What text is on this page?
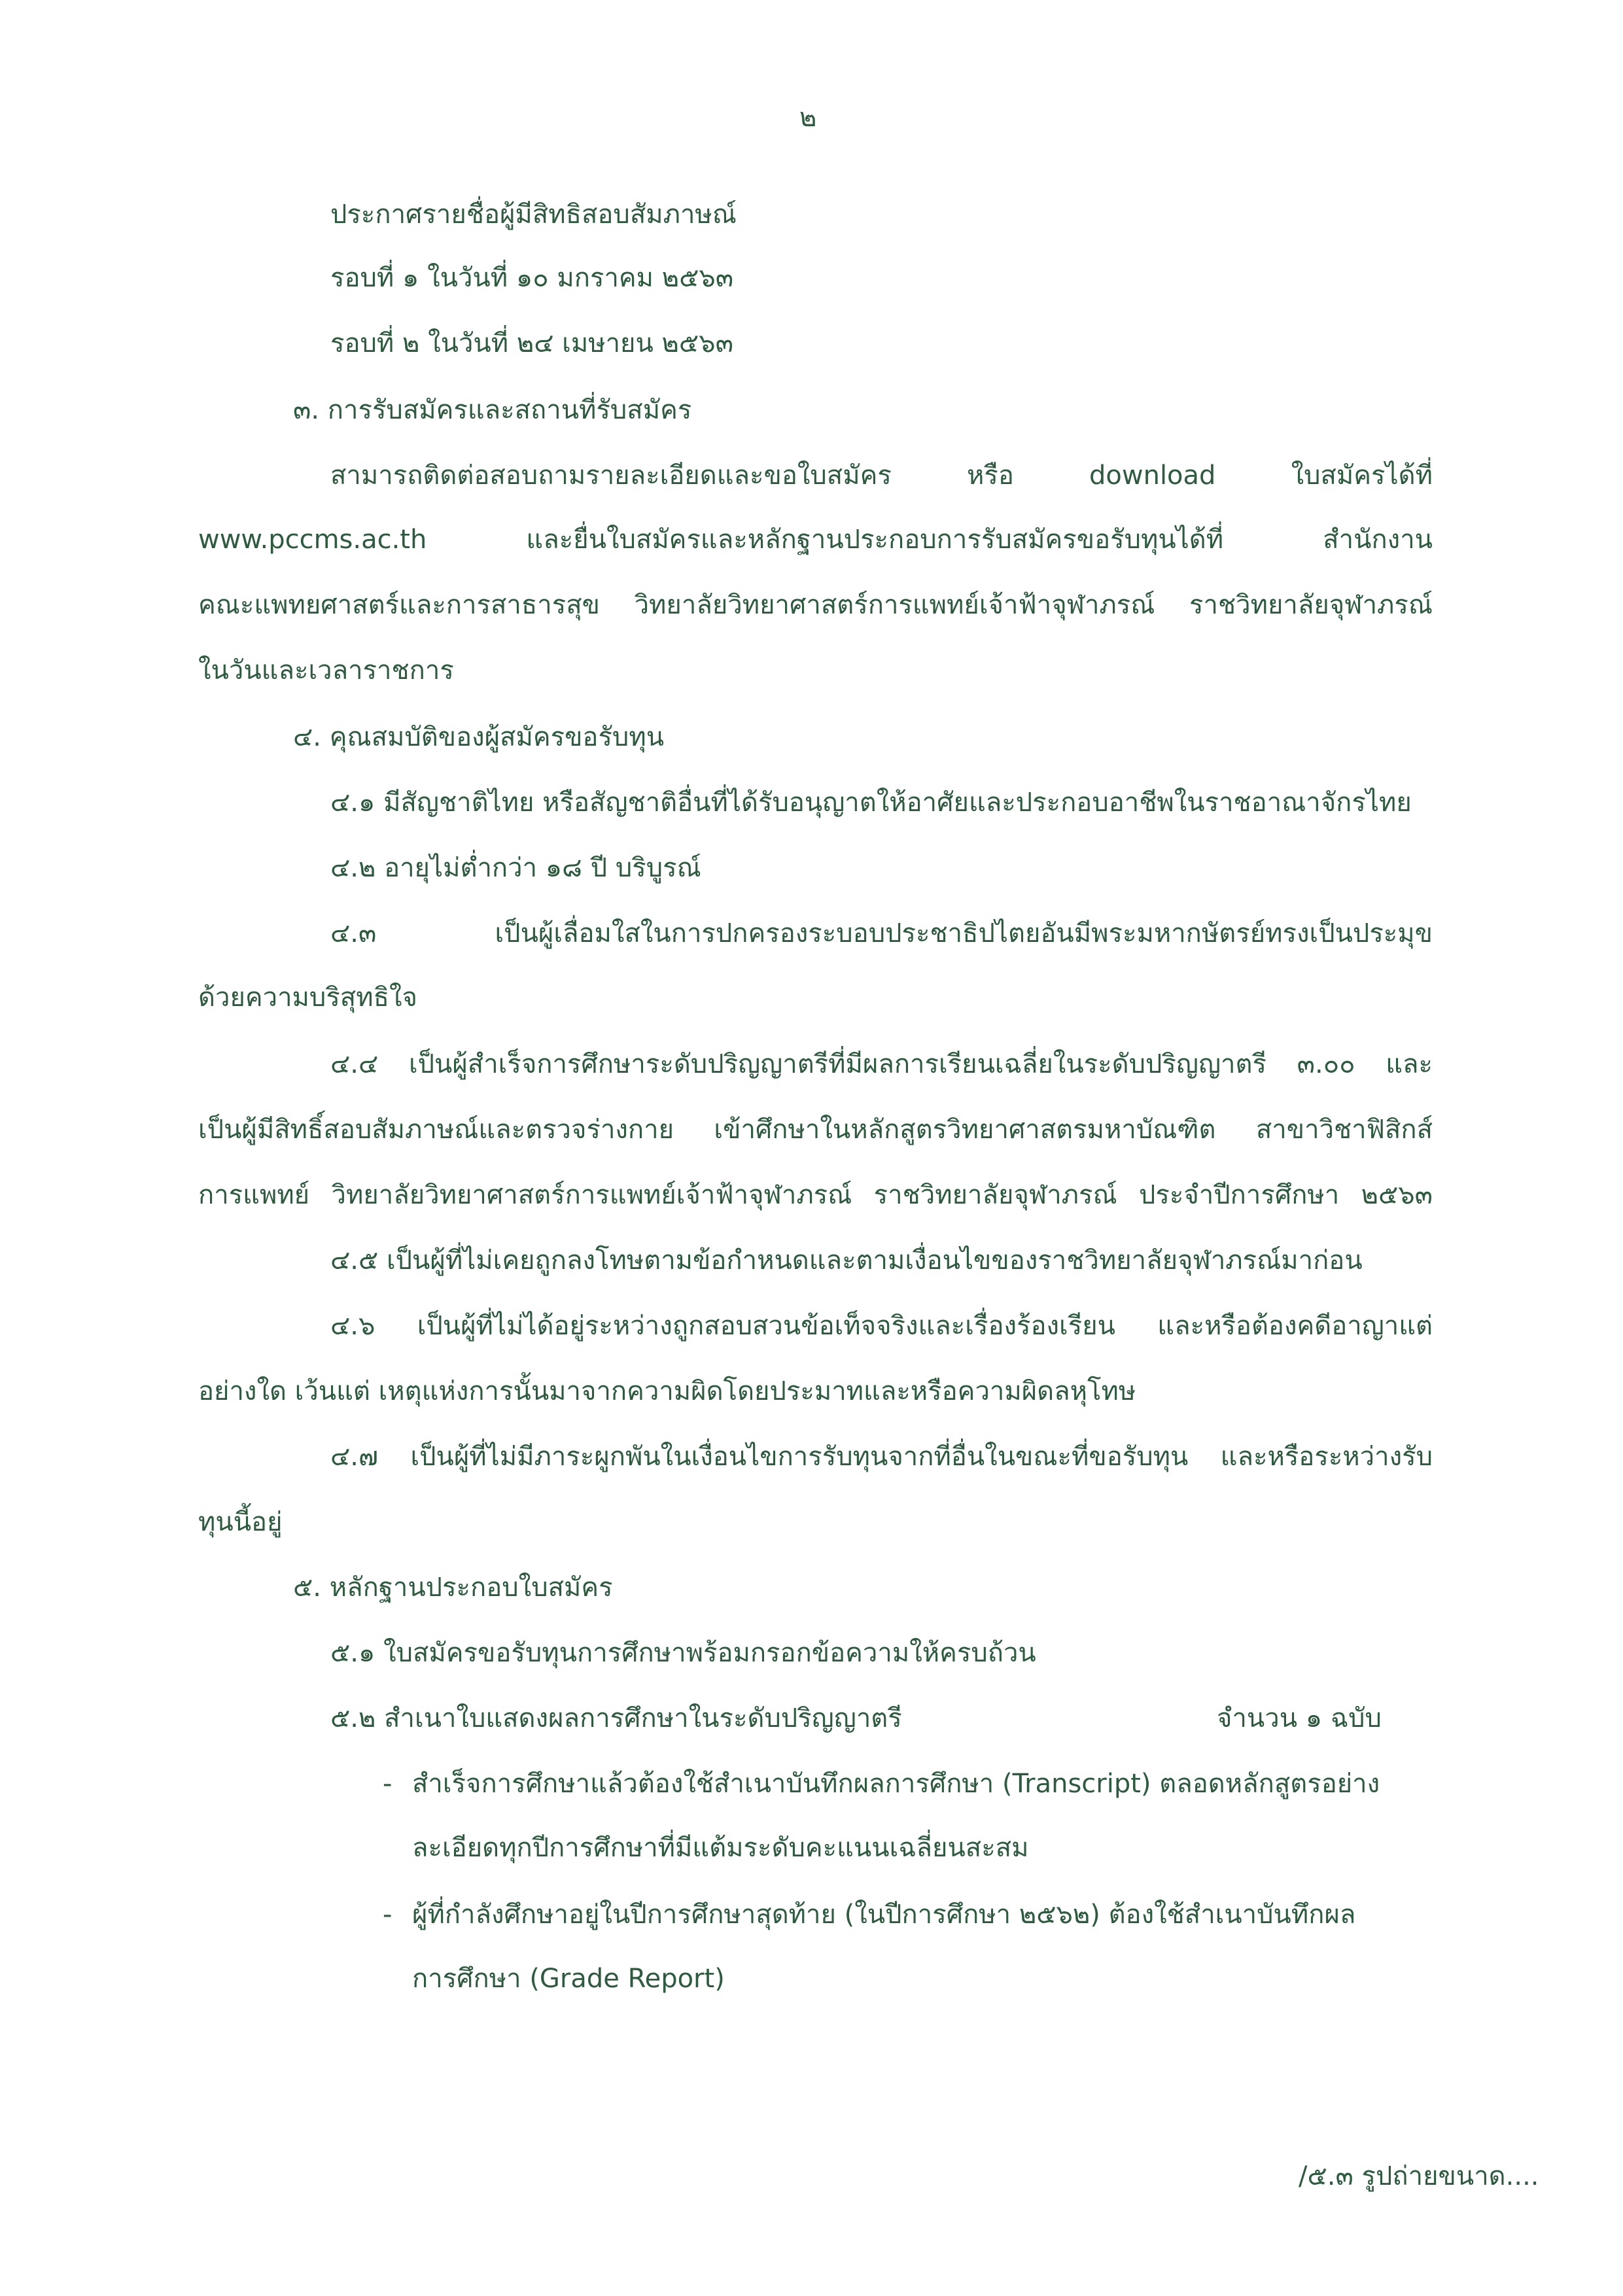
๒

ประกาศรายชื่อผู้มีสิทธิสอบสัมภาษณ์

รอบที่ ๑ ในวันที่ ๑๐ มกราคม ๒๕๖๓

รอบที่ ๒ ในวันที่ ๒๔ เมษายน ๒๕๖๓

๓. การรับสมัครและสถานที่รับสมัคร

สามารถติดต่อสอบถามรายละเอียดและขอใบสมัคร หรือ download ใบสมัครได้ที่

www.pccms.ac.th และยื่นใบสมัครและหลักฐานประกอบการรับสมัครขอรับทุนได้ที่ สำนักงาน

คณะแพทยศาสตร์และการสาธารสุข วิทยาลัยวิทยาศาสตร์การแพทย์เจ้าฟ้าจุฬาภรณ์ ราชวิทยาลัยจุฬาภรณ์

ในวันและเวลาราชการ

๔. คุณสมบัติของผู้สมัครขอรับทุน

๔.๑ มีสัญชาติไทย หรือสัญชาติอื่นที่ได้รับอนุญาตให้อาศัยและประกอบอาชีพในราชอาณาจักรไทย

๔.๒ อายุไม่ต่ำกว่า ๑๘ ปี บริบูรณ์

๔.๓ เป็นผู้เลื่อมใสในการปกครองระบอบประชาธิปไตยอันมีพระมหากษัตรย์ทรงเป็นประมุข

ด้วยความบริสุทธิใจ

๔.๔ เป็นผู้สำเร็จการศึกษาระดับปริญญาตรีที่มีผลการเรียนเฉลี่ยในระดับปริญญาตรี ๓.๐๐ และ

เป็นผู้มีสิทธิ์สอบสัมภาษณ์และตรวจร่างกาย เข้าศึกษาในหลักสูตรวิทยาศาสตรมหาบัณฑิต สาขาวิชาฟิสิกส์

การแพทย์ วิทยาลัยวิทยาศาสตร์การแพทย์เจ้าฟ้าจุฬาภรณ์ ราชวิทยาลัยจุฬาภรณ์ ประจำปีการศึกษา ๒๕๖๓

๔.๕ เป็นผู้ที่ไม่เคยถูกลงโทษตามข้อกำหนดและตามเงื่อนไขของราชวิทยาลัยจุฬาภรณ์มาก่อน

๔.๖ เป็นผู้ที่ไม่ได้อยู่ระหว่างถูกสอบสวนข้อเท็จจริงและเรื่องร้องเรียน และหรือต้องคดีอาญาแต่

อย่างใด เว้นแต่ เหตุแห่งการนั้นมาจากความผิดโดยประมาทและหรือความผิดลหุโทษ

๔.๗ เป็นผู้ที่ไม่มีภาระผูกพันในเงื่อนไขการรับทุนจากที่อื่นในขณะที่ขอรับทุน และหรือระหว่างรับ

ทุนนี้อยู่

๕. หลักฐานประกอบใบสมัคร

๕.๑ ใบสมัครขอรับทุนการศึกษาพร้อมกรอกข้อความให้ครบถ้วน

๕.๒ สำเนาใบแสดงผลการศึกษาในระดับปริญญาตรี	จำนวน ๑ ฉบับ

- สำเร็จการศึกษาแล้วต้องใช้สำเนาบันทึกผลการศึกษา (Transcript) ตลอดหลักสูตรอย่าง

ละเอียดทุกปีการศึกษาที่มีแต้มระดับคะแนนเฉลี่ยนสะสม

- ผู้ที่กำลังศึกษาอยู่ในปีการศึกษาสุดท้าย (ในปีการศึกษา ๒๕๖๒) ต้องใช้สำเนาบันทึกผล

การศึกษา (Grade Report)

/๕.๓ รูปถ่ายขนาด....
